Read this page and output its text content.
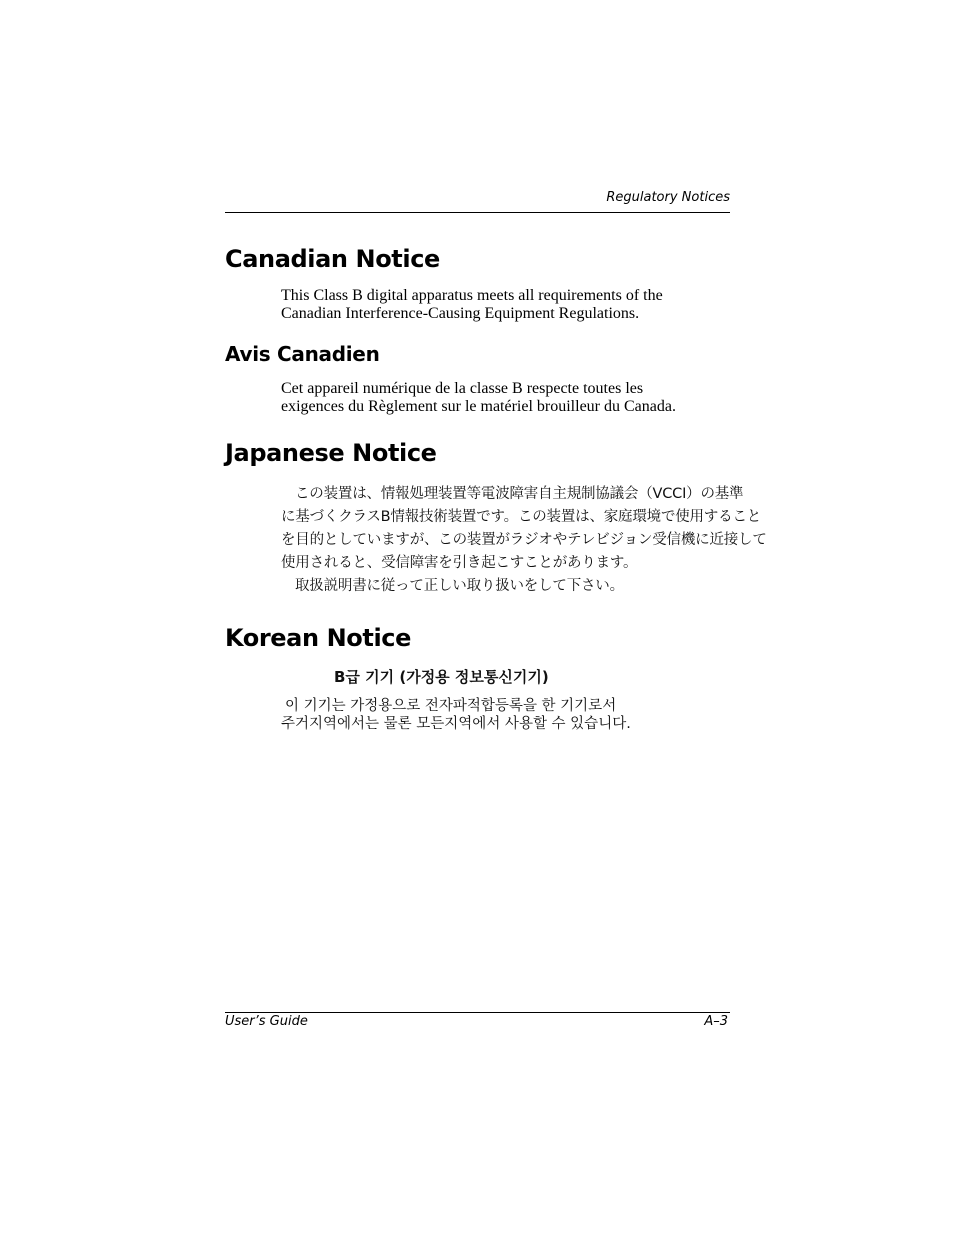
Regulatory Notices
Canadian Notice

This Class B digital apparatus meets all requirements of the
Canadian Interference-Causing Equipment Regulations.

Avis Canadien

Cet appareil numérique de la classe B respecte toutes les
exigences du Règlement sur le matériel brouilleur du Canada.

Japanese Notice
この装置は、情報処理装置等電波障害自主規制協議会（VCCI）の基準
に基づくクラスB情報技術装置です。この装置は、家庭環境で使用すること
を目的としていますが、この装置がラジオやテレビジョン受信機に近接して
使用されると、受信障害を引き起こすことがあります。
取扱説明書に従って正しい取り扱いをして下さい。
Korean Notice
B급 기기 (가정용 정보통신기기)
이 기기는 가정용으로 전자파적합등록을 한 기기로서
주거지역에서는 물론 모든지역에서 사용할 수 있습니다.
User’s Guide	A–3
